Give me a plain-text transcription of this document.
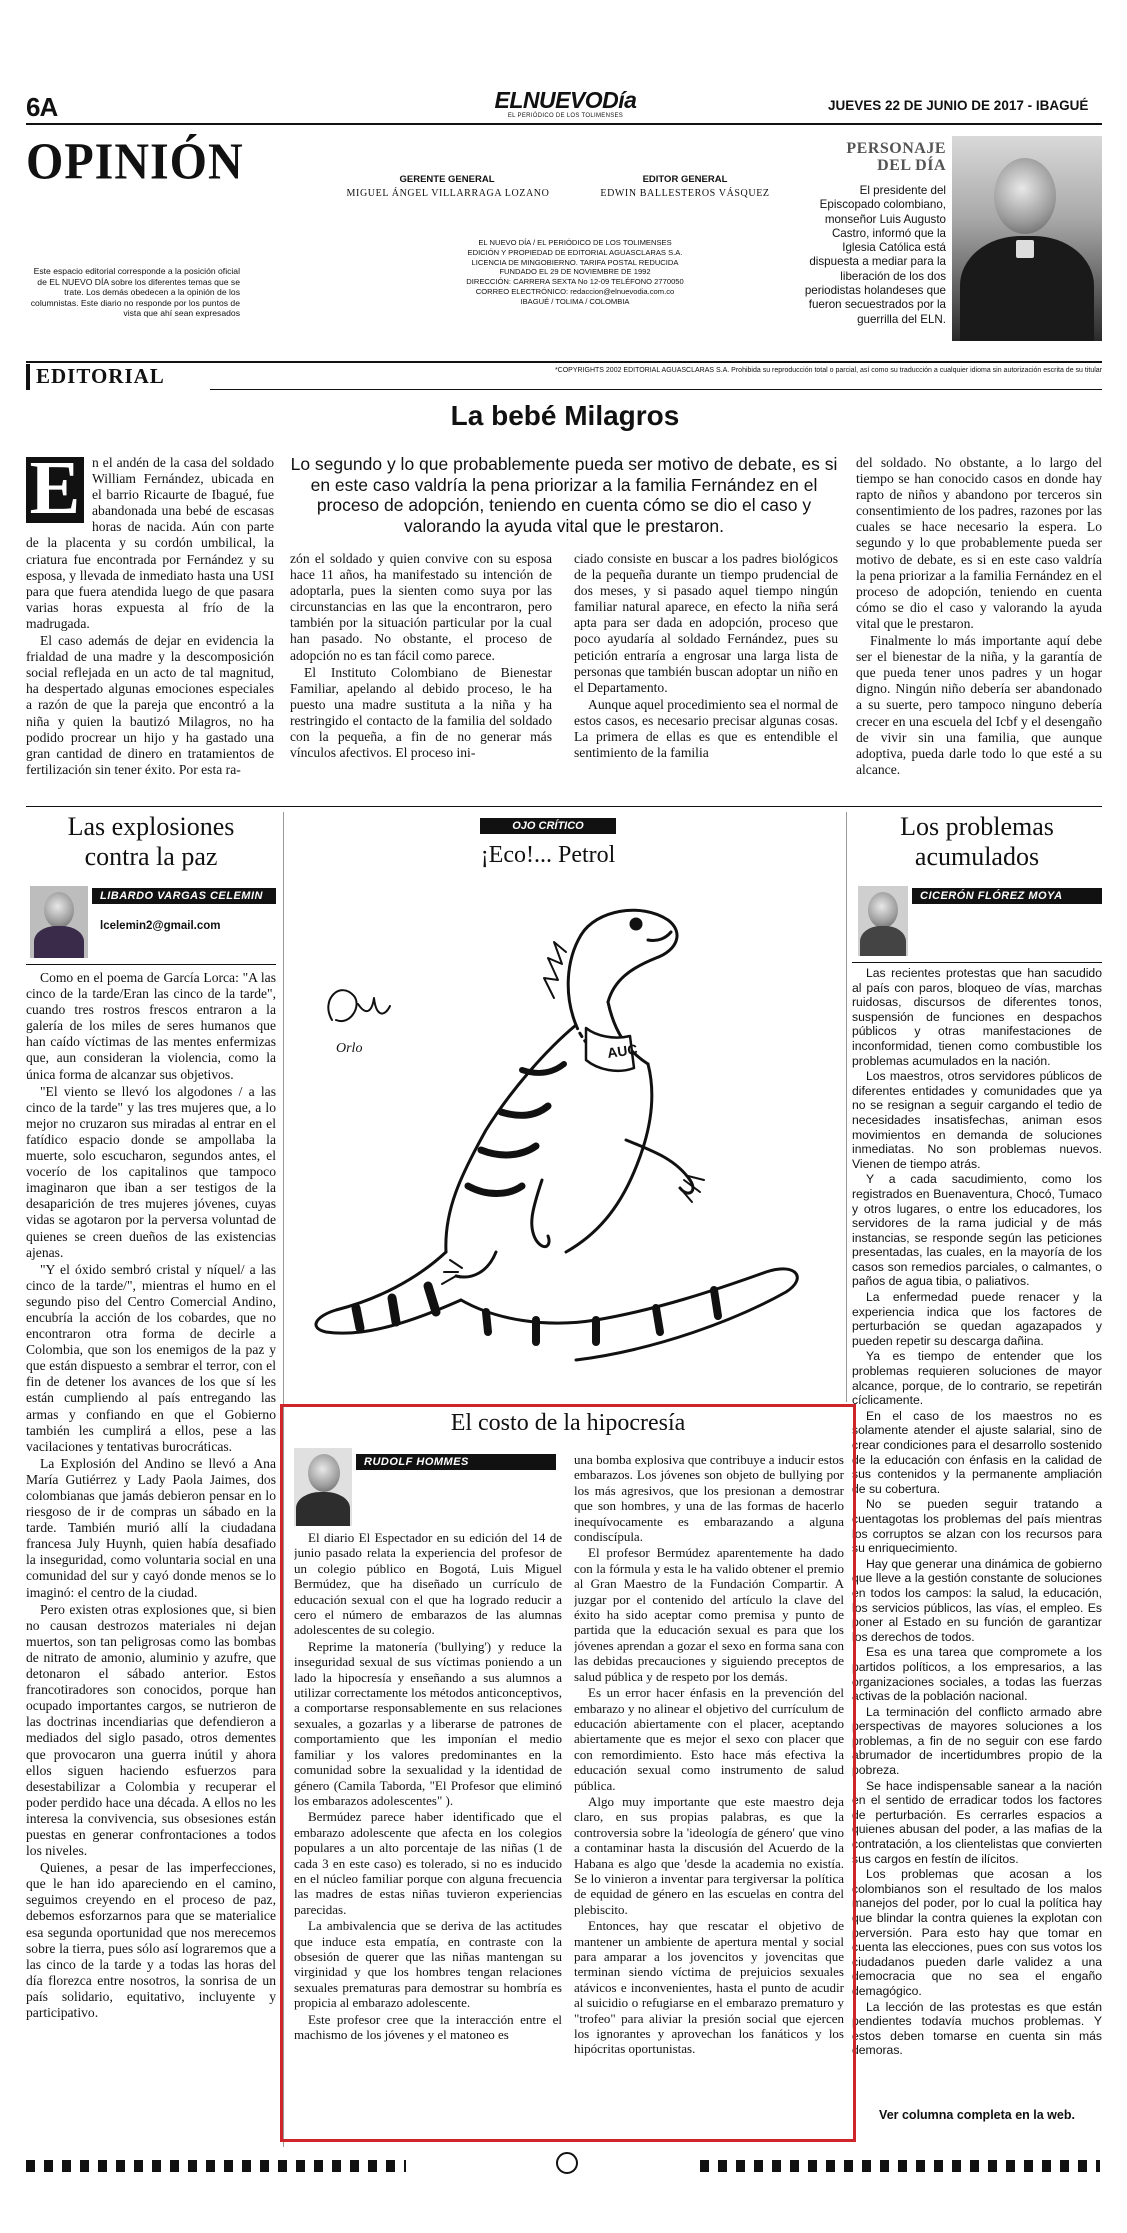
6A	ELNUEVODía
EL PERIÓDICO DE LOS TOLIMENSES
JUEVES 22 DE JUNIO DE 2017 - IBAGUÉ
OPINIÓN
Este espacio editorial corresponde a la posición oficial de EL NUEVO DÍA sobre los diferentes temas que se trate. Los demás obedecen a la opinión de los columnistas. Este diario no responde por los puntos de vista que ahí sean expresados
GERENTE GENERAL
MIGUEL ÁNGEL VILLARRAGA LOZANO
EDITOR GENERAL
EDWIN BALLESTEROS VÁSQUEZ
EL NUEVO DÍA / EL PERIÓDICO DE LOS TOLIMENSES
EDICIÓN Y PROPIEDAD DE EDITORIAL AGUASCLARAS S.A.
LICENCIA DE MINGOBIERNO. TARIFA POSTAL REDUCIDA
FUNDADO EL 29 DE NOVIEMBRE DE 1992
DIRECCIÓN: CARRERA SEXTA No 12-09 TELÉFONO 2770050
CORREO ELECTRÓNICO: redaccion@elnuevodia.com.co
IBAGUÉ / TOLIMA / COLOMBIA
PERSONAJE
DEL DÍA
El presidente del Episcopado colombiano, monseñor Luis Augusto Castro, informó que la Iglesia Católica está dispuesta a mediar para la liberación de los dos periodistas holandeses que fueron secuestrados por la guerrilla del ELN.
EDITORIAL	*COPYRIGHTS 2002 EDITORIAL AGUASCLARAS S.A. Prohibida su reproducción total o parcial, así como su traducción a cualquier idioma sin autorización escrita de su titular
La bebé Milagros
E n el andén de la casa del soldado William Fernández, ubicada en el barrio Ricaurte de Ibagué, fue abandonada una bebé de escasas horas de nacida. Aún con parte de la placenta y su cordón umbilical, la criatura fue encontrada por Fernández y su esposa, y llevada de inmediato hasta una USI para que fuera atendida luego de que pasara varias horas expuesta al frío de la madrugada.

El caso además de dejar en evidencia la frialdad de una madre y la descomposición social reflejada en un acto de tal magnitud, ha despertado algunas emociones especiales a razón de que la pareja que encontró a la niña y quien la bautizó Milagros, no ha podido procrear un hijo y ha gastado una gran cantidad de dinero en tratamientos de fertilización sin tener éxito. Por esta ra-

Lo segundo y lo que probablemente pueda ser motivo de debate, es si en este caso valdría la pena priorizar a la familia Fernández en el proceso de adopción, teniendo en cuenta cómo se dio el caso y valorando la ayuda vital que le prestaron.

zón el soldado y quien convive con su esposa hace 11 años, ha manifestado su intención de adoptarla, pues la sienten como suya por las circunstancias en las que la encontraron, pero también por la situación particular por la cual han pasado. No obstante, el proceso de adopción no es tan fácil como parece.

El Instituto Colombiano de Bienestar Familiar, apelando al debido proceso, le ha puesto una madre sustituta a la niña y ha restringido el contacto de la familia del soldado con la pequeña, a fin de no generar más vínculos afectivos. El proceso ini-

ciado consiste en buscar a los padres biológicos de la pequeña durante un tiempo prudencial de dos meses, y si pasado aquel tiempo ningún familiar natural aparece, en efecto la niña será apta para ser dada en adopción, proceso que poco ayudaría al soldado Fernández, pues su petición entraría a engrosar una larga lista de personas que también buscan adoptar un niño en el Departamento.

Aunque aquel procedimiento sea el normal de estos casos, es necesario precisar algunas cosas. La primera de ellas es que es entendible el sentimiento de la familia

del soldado. No obstante, a lo largo del tiempo se han conocido casos en donde hay rapto de niños y abandono por terceros sin consentimiento de los padres, razones por las cuales se hace necesario la espera. Lo segundo y lo que probablemente pueda ser motivo de debate, es si en este caso valdría la pena priorizar a la familia Fernández en el proceso de adopción, teniendo en cuenta cómo se dio el caso y valorando la ayuda vital que le prestaron.

Finalmente lo más importante aquí debe ser el bienestar de la niña, y la garantía de que pueda tener unos padres y un hogar digno. Ningún niño debería ser abandonado a su suerte, pero tampoco ninguno debería crecer en una escuela del Icbf y el desengaño de vivir sin una familia, que aunque adoptiva, pueda darle todo lo que esté a su alcance.

Las explosiones
contra la paz
LIBARDO VARGAS CELEMIN
lcelemin2@gmail.com

Como en el poema de García Lorca: "A las cinco de la tarde/Eran las cinco de la tarde", cuando tres rostros frescos entraron a la galería de los miles de seres humanos que han caído víctimas de las mentes enfermizas que, aun consideran la violencia, como la única forma de alcanzar sus objetivos.

"El viento se llevó los algodones / a las cinco de la tarde" y las tres mujeres que, a lo mejor no cruzaron sus miradas al entrar en el fatídico espacio donde se ampollaba la muerte, solo escucharon, segundos antes, el vocerío de los capitalinos que tampoco imaginaron que iban a ser testigos de la desaparición de tres mujeres jóvenes, cuyas vidas se agotaron por la perversa voluntad de quienes se creen dueños de las existencias ajenas.

"Y el óxido sembró cristal y níquel/ a las cinco de la tarde/", mientras el humo en el segundo piso del Centro Comercial Andino, encubría la acción de los cobardes, que no encontraron otra forma de decirle a Colombia, que son los enemigos de la paz y que están dispuesto a sembrar el terror, con el fin de detener los avances de los que sí les están cumpliendo al país entregando las armas y confiando en que el Gobierno también les cumplirá a ellos, pese a las vacilaciones y tentativas burocráticas.

La Explosión del Andino se llevó a Ana María Gutiérrez y Lady Paola Jaimes, dos colombianas que jamás debieron pensar en lo riesgoso de ir de compras un sábado en la tarde. También murió allí la ciudadana francesa July Huynh, quien había desafiado la inseguridad, como voluntaria social en una comunidad del sur y cayó donde menos se lo imaginó: el centro de la ciudad.

Pero existen otras explosiones que, si bien no causan destrozos materiales ni dejan muertos, son tan peligrosas como las bombas de nitrato de amonio, aluminio y azufre, que detonaron el sábado anterior. Estos francotiradores son conocidos, porque han ocupado importantes cargos, se nutrieron de las doctrinas incendiarias que defendieron a mediados del siglo pasado, otros dementes que provocaron una guerra inútil y ahora ellos siguen haciendo esfuerzos para desestabilizar a Colombia y recuperar el poder perdido hace una década. A ellos no les interesa la convivencia, sus obsesiones están puestas en generar confrontaciones a todos los niveles.

Quienes, a pesar de las imperfecciones, que le han ido apareciendo en el camino, seguimos creyendo en el proceso de paz, debemos esforzarnos para que se materialice esa segunda oportunidad que nos merecemos sobre la tierra, pues sólo así lograremos que a las cinco de la tarde y a todas las horas del día florezca entre nosotros, la sonrisa de un país solidario, equitativo, incluyente y participativo.

OJO CRÍTICO
¡Eco!... Petrol
AUC
Orlo
Los problemas
acumulados
CICERÓN FLÓREZ MOYA

Las recientes protestas que han sacudido al país con paros, bloqueo de vías, marchas ruidosas, discursos de diferentes tonos, suspensión de funciones en despachos públicos y otras manifestaciones de inconformidad, tienen como combustible los problemas acumulados en la nación.

Los maestros, otros servidores públicos de diferentes entidades y comunidades que ya no se resignan a seguir cargando el tedio de necesidades insatisfechas, animan esos movimientos en demanda de soluciones inmediatas. No son problemas nuevos. Vienen de tiempo atrás.

Y a cada sacudimiento, como los registrados en Buenaventura, Chocó, Tumaco y otros lugares, o entre los educadores, los servidores de la rama judicial y de más instancias, se responde según las peticiones presentadas, las cuales, en la mayoría de los casos son remedios parciales, o calmantes, o paños de agua tibia, o paliativos.

La enfermedad puede renacer y la experiencia indica que los factores de perturbación se quedan agazapados y pueden repetir su descarga dañina.

Ya es tiempo de entender que los problemas requieren soluciones de mayor alcance, porque, de lo contrario, se repetirán cíclicamente.

En el caso de los maestros no es solamente atender el ajuste salarial, sino de crear condiciones para el desarrollo sostenido de la educación con énfasis en la calidad de sus contenidos y la permanente ampliación de su cobertura.

No se pueden seguir tratando a cuentagotas los problemas del país mientras los corruptos se alzan con los recursos para su enriquecimiento.

Hay que generar una dinámica de gobierno que lleve a la gestión constante de soluciones en todos los campos: la salud, la educación, los servicios públicos, las vías, el empleo. Es poner al Estado en su función de garantizar los derechos de todos.

Esa es una tarea que compromete a los partidos políticos, a los empresarios, a las organizaciones sociales, a todas las fuerzas activas de la población nacional.

La terminación del conflicto armado abre perspectivas de mayores soluciones a los problemas, a fin de no seguir con ese fardo abrumador de incertidumbres propio de la pobreza.

Se hace indispensable sanear a la nación en el sentido de erradicar todos los factores de perturbación. Es cerrarles espacios a quienes abusan del poder, a las mafias de la contratación, a los clientelistas que convierten sus cargos en festín de ilícitos.

Los problemas que acosan a los colombianos son el resultado de los malos manejos del poder, por lo cual la política hay que blindar la contra quienes la explotan con perversión. Para esto hay que tomar en cuenta las elecciones, pues con sus votos los ciudadanos pueden darle validez a una democracia que no sea el engaño demagógico.

La lección de las protestas es que están pendientes todavía muchos problemas. Y estos deben tomarse en cuenta sin más demoras.

Ver columna completa en la web.
El costo de la hipocresía
RUDOLF HOMMES

El diario El Espectador en su edición del 14 de junio pasado relata la experiencia del profesor de un colegio público en Bogotá, Luis Miguel Bermúdez, que ha diseñado un currículo de educación sexual con el que ha logrado reducir a cero el número de embarazos de las alumnas adolescentes de su colegio.

Reprime la matonería ('bullying') y reduce la inseguridad sexual de sus víctimas poniendo a un lado la hipocresía y enseñando a sus alumnos a utilizar correctamente los métodos anticonceptivos, a comportarse responsablemente en sus relaciones sexuales, a gozarlas y a liberarse de patrones de comportamiento que les imponían el medio familiar y los valores predominantes en la comunidad sobre la sexualidad y la identidad de género (Camila Taborda, "El Profesor que eliminó los embarazos adolescentes" ).

Bermúdez parece haber identificado que el embarazo adolescente que afecta en los colegios populares a un alto porcentaje de las niñas (1 de cada 3 en este caso) es tolerado, si no es inducido en el núcleo familiar porque con alguna frecuencia las madres de estas niñas tuvieron experiencias parecidas.

La ambivalencia que se deriva de las actitudes que induce esta empatía, en contraste con la obsesión de querer que las niñas mantengan su virginidad y que los hombres tengan relaciones sexuales prematuras para demostrar su hombría es propicia al embarazo adolescente.

Este profesor cree que la interacción entre el machismo de los jóvenes y el matoneo es

una bomba explosiva que contribuye a inducir estos embarazos. Los jóvenes son objeto de bullying por los más agresivos, que los presionan a demostrar que son hombres, y una de las formas de hacerlo inequívocamente es embarazando a alguna condiscípula.

El profesor Bermúdez aparentemente ha dado con la fórmula y esta le ha valido obtener el premio al Gran Maestro de la Fundación Compartir. A juzgar por el contenido del artículo la clave del éxito ha sido aceptar como premisa y punto de partida que la educación sexual es para que los jóvenes aprendan a gozar el sexo en forma sana con las debidas precauciones y siguiendo preceptos de salud pública y de respeto por los demás.

Es un error hacer énfasis en la prevención del embarazo y no alinear el objetivo del currículum de educación abiertamente con el placer, aceptando abiertamente que es mejor el sexo con placer que con remordimiento. Esto hace más efectiva la educación sexual como instrumento de salud pública.

Algo muy importante que este maestro deja claro, en sus propias palabras, es que la controversia sobre la 'ideología de género' que vino a contaminar hasta la discusión del Acuerdo de la Habana es algo que 'desde la academia no existía. Se lo vinieron a inventar para tergiversar la política de equidad de género en las escuelas en contra del plebiscito.

Entonces, hay que rescatar el objetivo de mantener un ambiente de apertura mental y social para amparar a los jovencitos y jovencitas que terminan siendo víctima de prejuicios sexuales atávicos e inconvenientes, hasta el punto de acudir al suicidio o refugiarse en el embarazo prematuro y "trofeo" para aliviar la presión social que ejercen los ignorantes y aprovechan los fanáticos y los hipócritas oportunistas.
